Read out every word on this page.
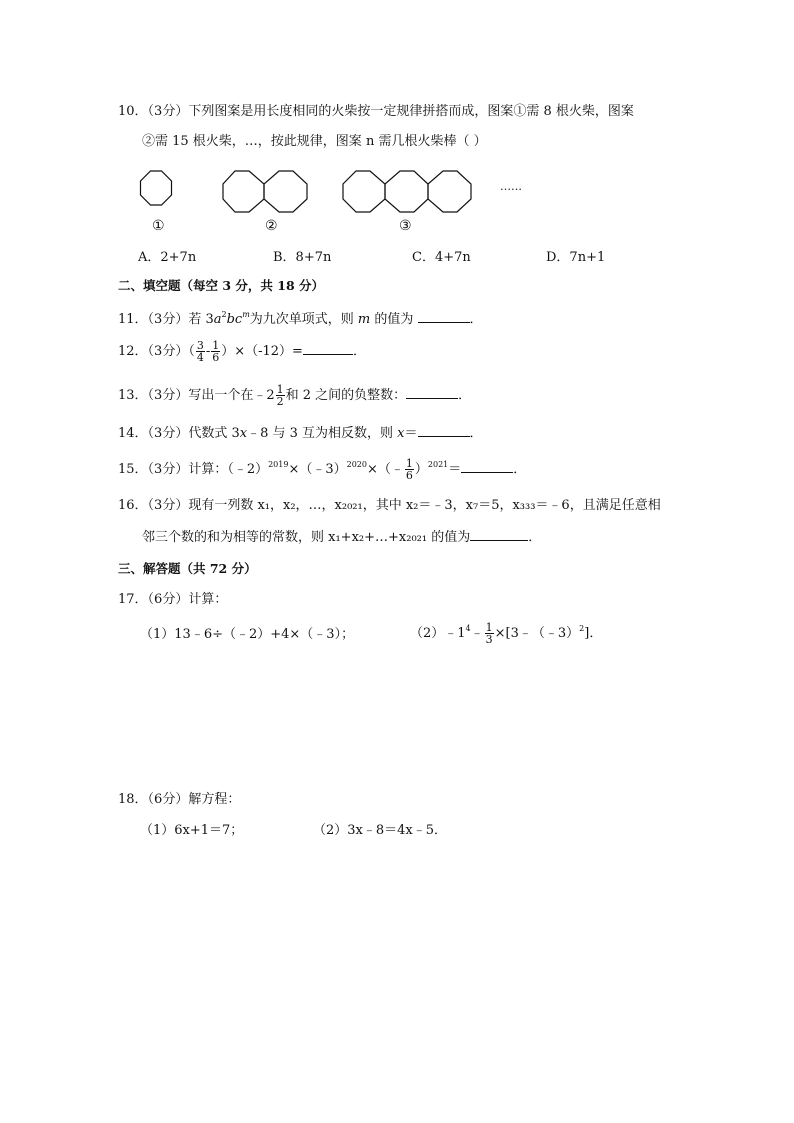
10．（3分）下列图案是用长度相同的火柴按一定规律拼搭而成，图案①需 8 根火柴，图案
②需 15 根火柴，…，按此规律，图案 n 需几根火柴棒（ ）
……
①	②	③
A．2+7n	B．8+7n	C．4+7n	D．7n+1
二、填空题（每空 3 分，共 18 分）
11．（3分）若 $3a^2bc^m$为九次单项式，则 m 的值为	．
12．（3分）（ $\frac{3}{4} - \frac{1}{6} )\times(-12)=$	．
13．（3分）写出一个在﹣2 $\frac{1}{2}$ 和 2 之间的负整数：	．
14．（3分）代数式 3x﹣8 与 3 互为相反数，则 x＝	．
15．（3分）计算：（﹣2）$^{2019}$×（﹣3）$^{2020}$×（﹣ $\frac{1}{6} )^{2021}=$	．
16．（3分）现有一列数 x₁，x₂，…，x₂₀₂₁，其中 x₂＝﹣3，x₇＝5，x₃₃₃＝﹣6，且满足任意相
邻三个数的和为相等的常数，则 x₁+x₂+…+x₂₀₂₁ 的值为	．
三、解答题（共 72 分）
17．（6分）计算：
（1）13﹣6÷（﹣2）+4×（﹣3）；	$(2)﹣1^4﹣ \frac{1}{3}$ ×[3﹣（﹣3）$^2$]．
18．（6分）解方程：
（1）6x+1＝7；	（2）3x﹣8＝4x﹣5．
